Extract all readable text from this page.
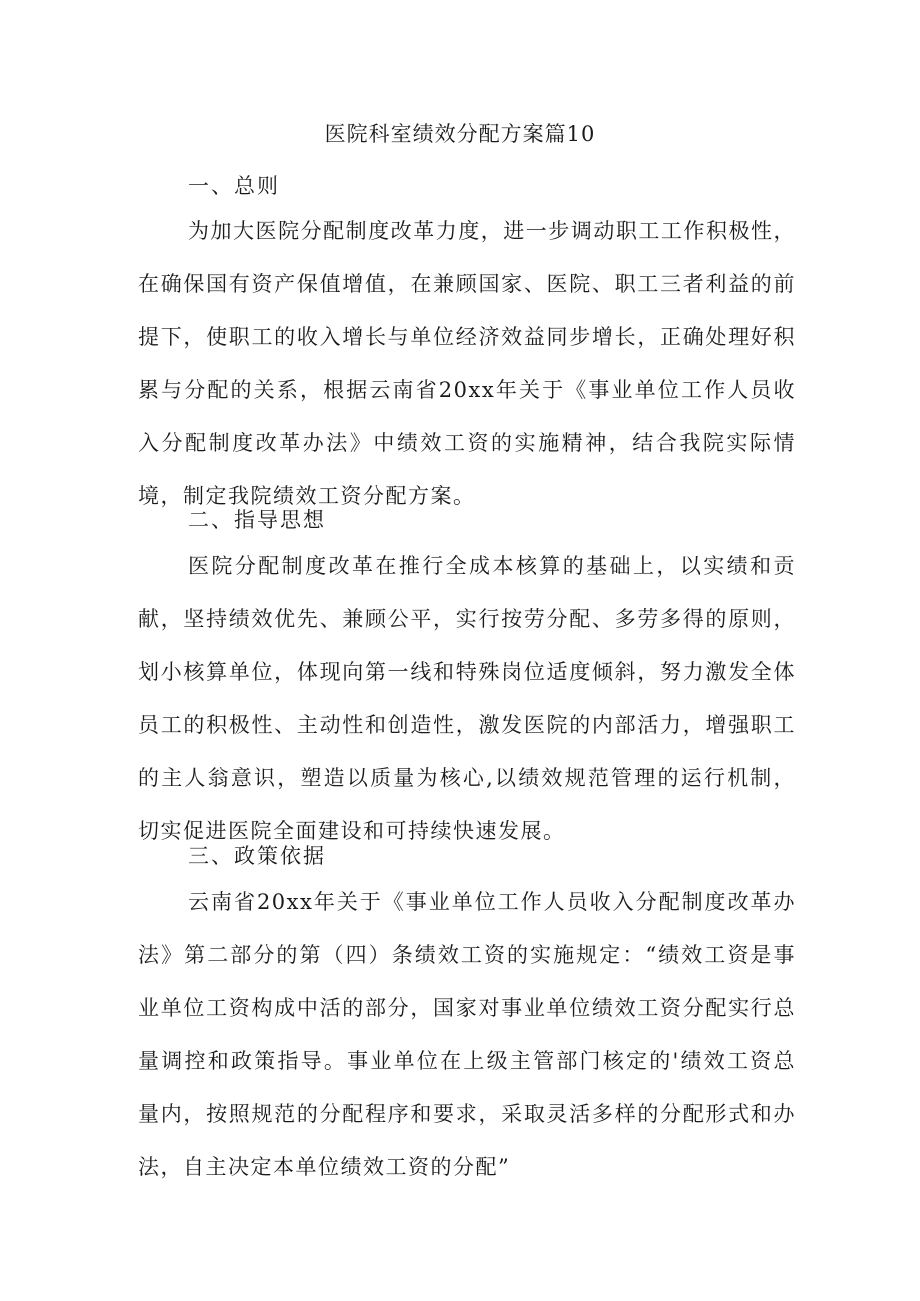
医院科室绩效分配方案篇10
一、总则

为加大医院分配制度改革力度，进一步调动职工工作积极性，在确保国有资产保值增值，在兼顾国家、医院、职工三者利益的前提下，使职工的收入增长与单位经济效益同步增长，正确处理好积累与分配的关系，根据云南省20xx年关于《事业单位工作人员收入分配制度改革办法》中绩效工资的实施精神，结合我院实际情境，制定我院绩效工资分配方案。

二、指导思想

医院分配制度改革在推行全成本核算的基础上，以实绩和贡献，坚持绩效优先、兼顾公平，实行按劳分配、多劳多得的原则，划小核算单位，体现向第一线和特殊岗位适度倾斜，努力激发全体员工的积极性、主动性和创造性，激发医院的内部活力，增强职工的主人翁意识，塑造以质量为核心,以绩效规范管理的运行机制，切实促进医院全面建设和可持续快速发展。

三、政策依据

云南省20xx年关于《事业单位工作人员收入分配制度改革办法》第二部分的第（四）条绩效工资的实施规定：“绩效工资是事业单位工资构成中活的部分，国家对事业单位绩效工资分配实行总量调控和政策指导。事业单位在上级主管部门核定的'绩效工资总量内，按照规范的分配程序和要求，采取灵活多样的分配形式和办法，自主决定本单位绩效工资的分配”
